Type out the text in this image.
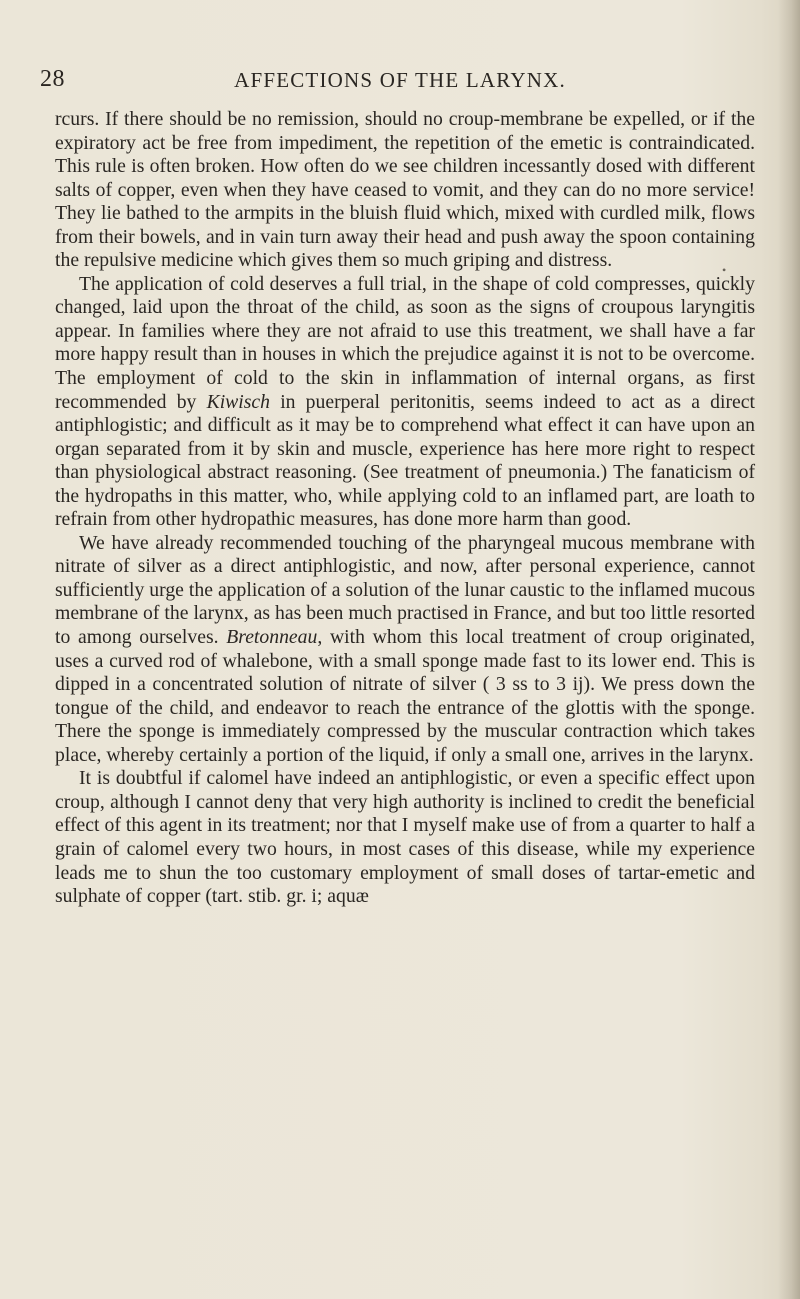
28	AFFECTIONS OF THE LARYNX.

rcurs. If there should be no remission, should no croup-membrane be expelled, or if the expiratory act be free from impediment, the repetition of the emetic is contraindicated. This rule is often broken. How often do we see children incessantly dosed with different salts of copper, even when they have ceased to vomit, and they can do no more service! They lie bathed to the armpits in the bluish fluid which, mixed with curdled milk, flows from their bowels, and in vain turn away their head and push away the spoon containing the repulsive medicine which gives them so much griping and distress.

The application of cold deserves a full trial, in the shape of cold compresses, quickly changed, laid upon the throat of the child, as soon as the signs of croupous laryngitis appear. In families where they are not afraid to use this treatment, we shall have a far more happy result than in houses in which the prejudice against it is not to be overcome. The employment of cold to the skin in inflammation of internal organs, as first recommended by Kiwisch in puerperal peritonitis, seems indeed to act as a direct antiphlogistic; and difficult as it may be to comprehend what effect it can have upon an organ separated from it by skin and muscle, experience has here more right to respect than physiological abstract reasoning. (See treatment of pneumonia.) The fanaticism of the hydropaths in this matter, who, while applying cold to an inflamed part, are loath to refrain from other hydropathic measures, has done more harm than good.

We have already recommended touching of the pharyngeal mucous membrane with nitrate of silver as a direct antiphlogistic, and now, after personal experience, cannot sufficiently urge the application of a solution of the lunar caustic to the inflamed mucous membrane of the larynx, as has been much practised in France, and but too little resorted to among ourselves. Bretonneau, with whom this local treatment of croup originated, uses a curved rod of whalebone, with a small sponge made fast to its lower end. This is dipped in a concentrated solution of nitrate of silver ( 3 ss to 3 ij). We press down the tongue of the child, and endeavor to reach the entrance of the glottis with the sponge. There the sponge is immediately compressed by the muscular contraction which takes place, whereby certainly a portion of the liquid, if only a small one, arrives in the larynx.

It is doubtful if calomel have indeed an antiphlogistic, or even a specific effect upon croup, although I cannot deny that very high authority is inclined to credit the beneficial effect of this agent in its treatment; nor that I myself make use of from a quarter to half a grain of calomel every two hours, in most cases of this disease, while my experience leads me to shun the too customary employment of small doses of tartar-emetic and sulphate of copper (tart. stib. gr. i; aquæ

•
